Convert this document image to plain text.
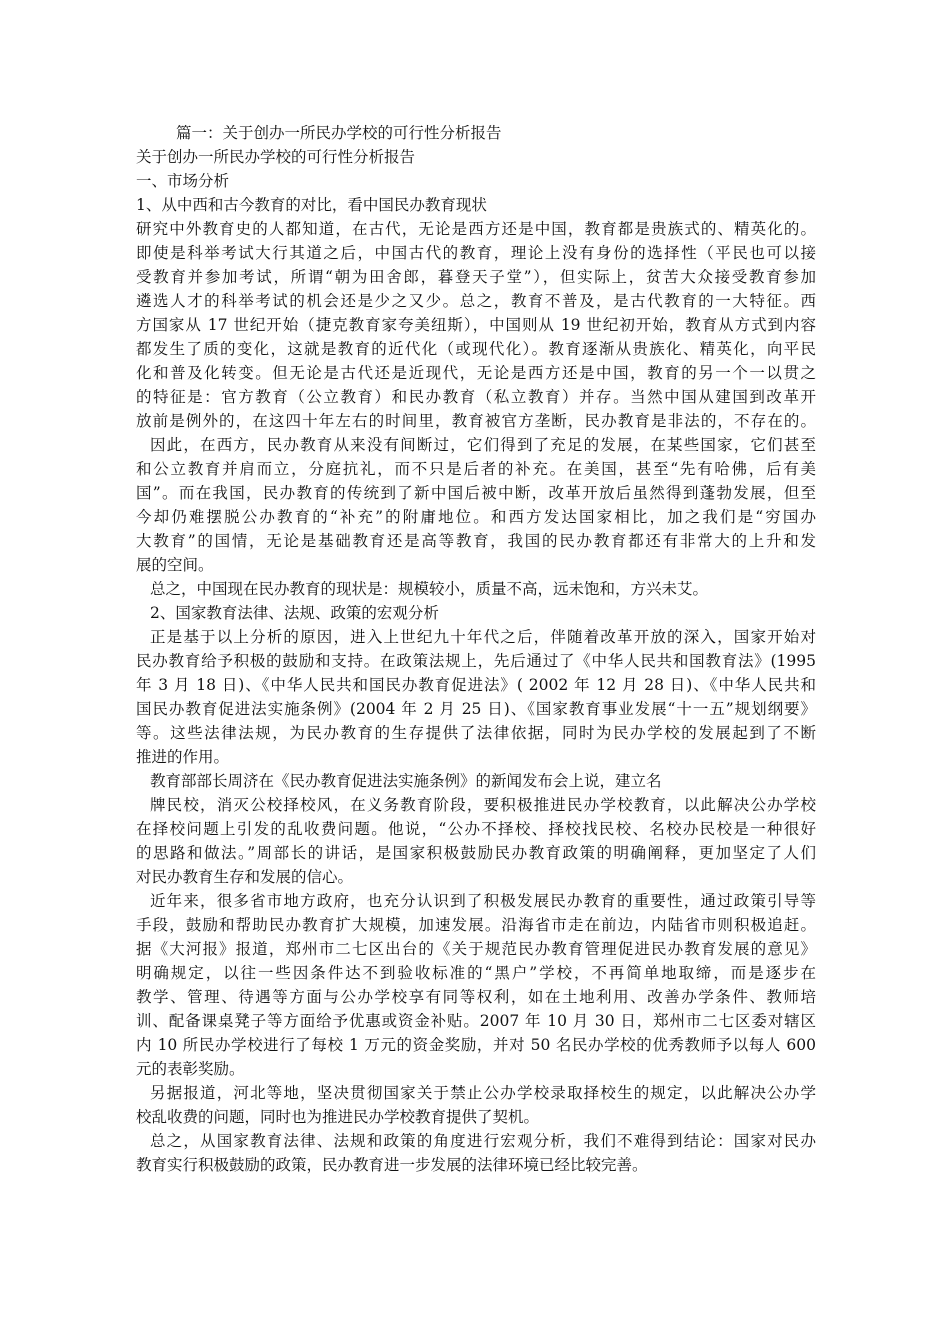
篇一：关于创办一所民办学校的可行性分析报告
关于创办一所民办学校的可行性分析报告
一、市场分析
1、从中西和古今教育的对比，看中国民办教育现状
研究中外教育史的人都知道，在古代，无论是西方还是中国，教育都是贵族式的、精英化的。
即使是科举考试大行其道之后，中国古代的教育，理论上没有身份的选择性（平民也可以接
受教育并参加考试，所谓“朝为田舍郎，暮登天子堂”），但实际上，贫苦大众接受教育参加
遴选人才的科举考试的机会还是少之又少。总之，教育不普及，是古代教育的一大特征。西
方国家从 17 世纪开始（捷克教育家夸美纽斯），中国则从 19 世纪初开始，教育从方式到内容
都发生了质的变化，这就是教育的近代化（或现代化）。教育逐渐从贵族化、精英化，向平民
化和普及化转变。但无论是古代还是近现代，无论是西方还是中国，教育的另一个一以贯之
的特征是：官方教育（公立教育）和民办教育（私立教育）并存。当然中国从建国到改革开
放前是例外的，在这四十年左右的时间里，教育被官方垄断，民办教育是非法的，不存在的。
因此，在西方，民办教育从来没有间断过，它们得到了充足的发展，在某些国家，它们甚至
和公立教育并肩而立，分庭抗礼，而不只是后者的补充。在美国，甚至“先有哈佛，后有美
国”。而在我国，民办教育的传统到了新中国后被中断，改革开放后虽然得到蓬勃发展，但至
今却仍难摆脱公办教育的“补充”的附庸地位。和西方发达国家相比，加之我们是“穷国办
大教育”的国情，无论是基础教育还是高等教育，我国的民办教育都还有非常大的上升和发
展的空间。
总之，中国现在民办教育的现状是：规模较小，质量不高，远未饱和，方兴未艾。
2、国家教育法律、法规、政策的宏观分析
正是基于以上分析的原因，进入上世纪九十年代之后，伴随着改革开放的深入，国家开始对
民办教育给予积极的鼓励和支持。在政策法规上，先后通过了《中华人民共和国教育法》(1995
年 3 月 18 日)、《中华人民共和国民办教育促进法》( 2002 年 12 月 28 日)、《中华人民共和
国民办教育促进法实施条例》(2004 年 2 月 25 日)、《国家教育事业发展“十一五”规划纲要》
等。这些法律法规，为民办教育的生存提供了法律依据，同时为民办学校的发展起到了不断
推进的作用。
教育部部长周济在《民办教育促进法实施条例》的新闻发布会上说，建立名
牌民校，消灭公校择校风，在义务教育阶段，要积极推进民办学校教育，以此解决公办学校
在择校问题上引发的乱收费问题。他说，“公办不择校、择校找民校、名校办民校是一种很好
的思路和做法。”周部长的讲话，是国家积极鼓励民办教育政策的明确阐释，更加坚定了人们
对民办教育生存和发展的信心。
近年来，很多省市地方政府，也充分认识到了积极发展民办教育的重要性，通过政策引导等
手段，鼓励和帮助民办教育扩大规模，加速发展。沿海省市走在前边，内陆省市则积极追赶。
据《大河报》报道，郑州市二七区出台的《关于规范民办教育管理促进民办教育发展的意见》
明确规定，以往一些因条件达不到验收标准的“黑户”学校，不再简单地取缔，而是逐步在
教学、管理、待遇等方面与公办学校享有同等权利，如在土地利用、改善办学条件、教师培
训、配备课桌凳子等方面给予优惠或资金补贴。2007 年 10 月 30 日，郑州市二七区委对辖区
内 10 所民办学校进行了每校 1 万元的资金奖励，并对 50 名民办学校的优秀教师予以每人 600
元的表彰奖励。
另据报道，河北等地，坚决贯彻国家关于禁止公办学校录取择校生的规定，以此解决公办学
校乱收费的问题，同时也为推进民办学校教育提供了契机。
总之，从国家教育法律、法规和政策的角度进行宏观分析，我们不难得到结论：国家对民办
教育实行积极鼓励的政策，民办教育进一步发展的法律环境已经比较完善。
